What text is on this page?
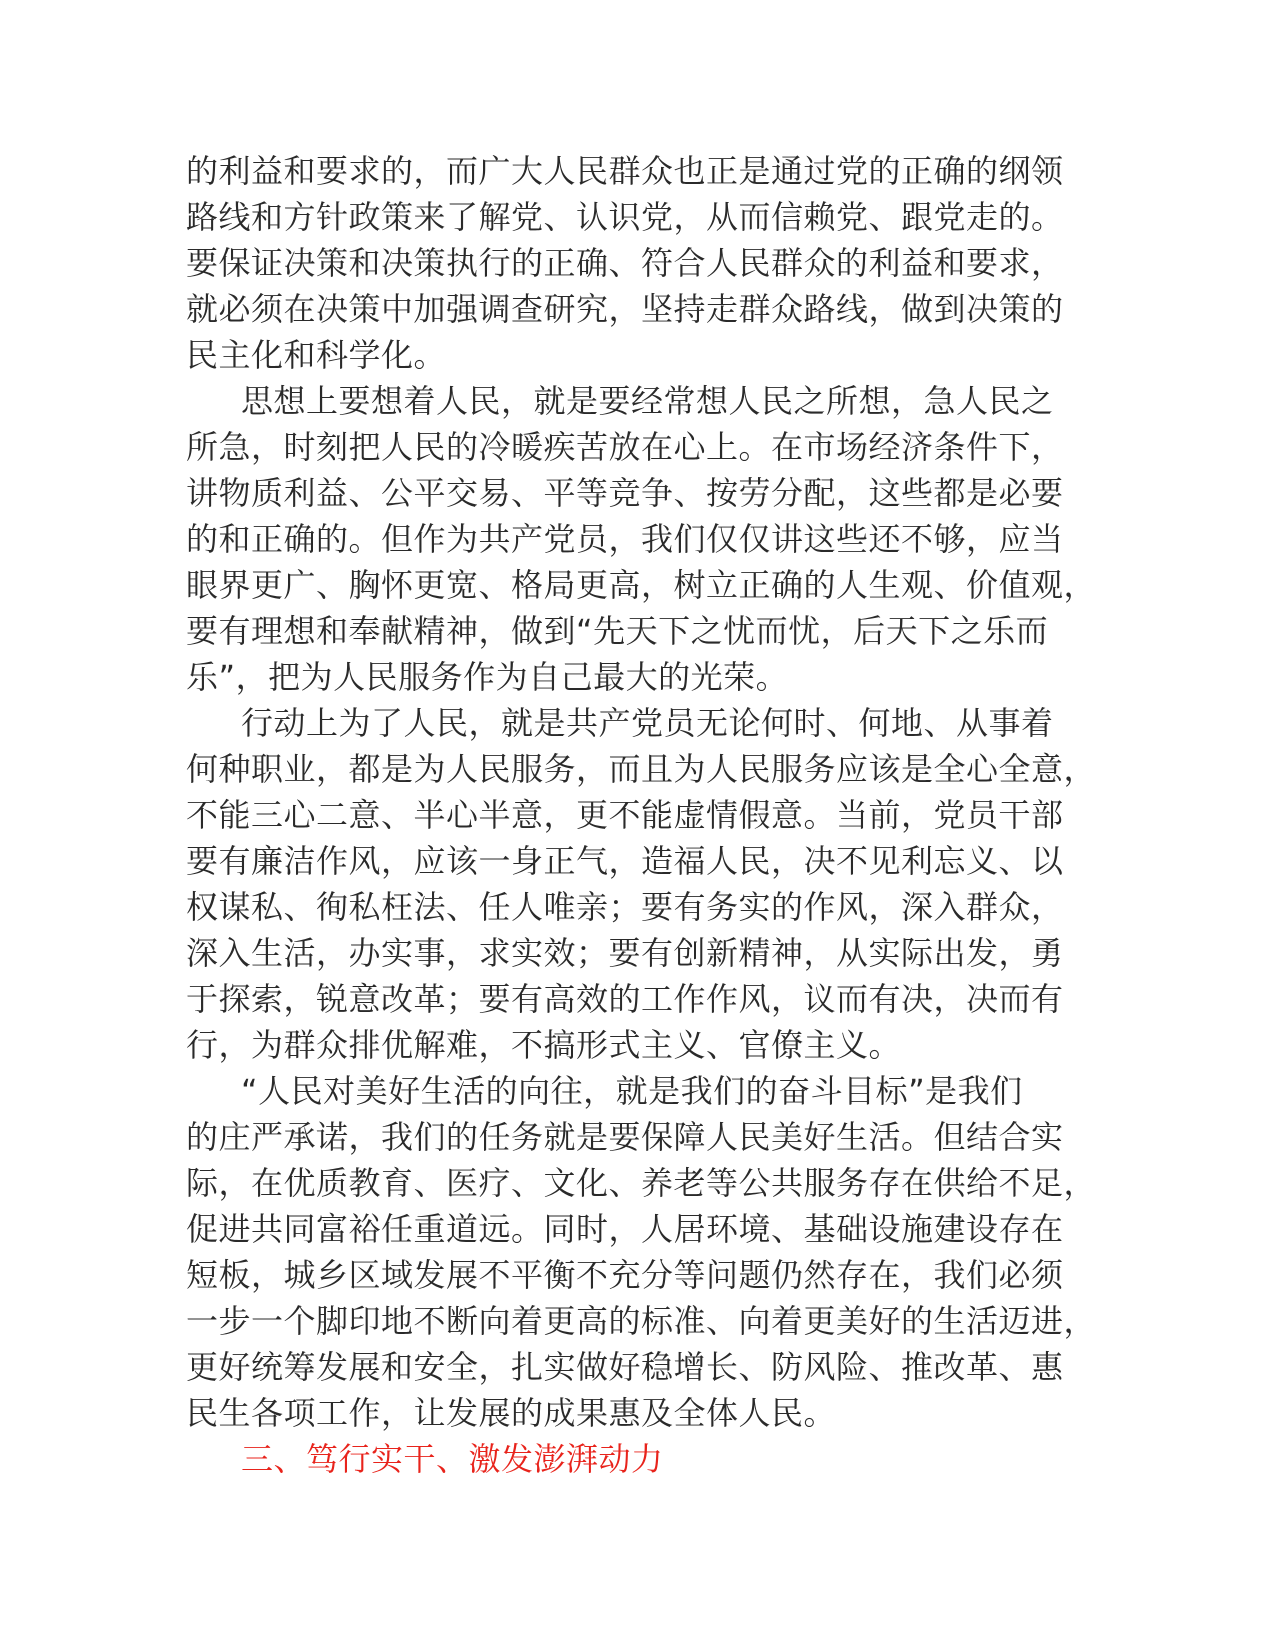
的利益和要求的，而广大人民群众也正是通过党的正确的纲领
路线和方针政策来了解党、认识党，从而信赖党、跟党走的。
要保证决策和决策执行的正确、符合人民群众的利益和要求，
就必须在决策中加强调查研究，坚持走群众路线，做到决策的
民主化和科学化。
思想上要想着人民，就是要经常想人民之所想，急人民之
所急，时刻把人民的冷暖疾苦放在心上。在市场经济条件下，
讲物质利益、公平交易、平等竞争、按劳分配，这些都是必要
的和正确的。但作为共产党员，我们仅仅讲这些还不够，应当
眼界更广、胸怀更宽、格局更高，树立正确的人生观、价值观，
要有理想和奉献精神，做到“先天下之忧而忧，后天下之乐而
乐”，把为人民服务作为自己最大的光荣。
行动上为了人民，就是共产党员无论何时、何地、从事着
何种职业，都是为人民服务，而且为人民服务应该是全心全意，
不能三心二意、半心半意，更不能虚情假意。当前，党员干部
要有廉洁作风，应该一身正气，造福人民，决不见利忘义、以
权谋私、徇私枉法、任人唯亲；要有务实的作风，深入群众，
深入生活，办实事，求实效；要有创新精神，从实际出发，勇
于探索，锐意改革；要有高效的工作作风，议而有决，决而有
行，为群众排优解难，不搞形式主义、官僚主义。
“人民对美好生活的向往，就是我们的奋斗目标”是我们
的庄严承诺，我们的任务就是要保障人民美好生活。但结合实
际，在优质教育、医疗、文化、养老等公共服务存在供给不足，
促进共同富裕任重道远。同时，人居环境、基础设施建设存在
短板，城乡区域发展不平衡不充分等问题仍然存在，我们必须
一步一个脚印地不断向着更高的标准、向着更美好的生活迈进，
更好统筹发展和安全，扎实做好稳增长、防风险、推改革、惠
民生各项工作，让发展的成果惠及全体人民。
三、笃行实干、激发澎湃动力
